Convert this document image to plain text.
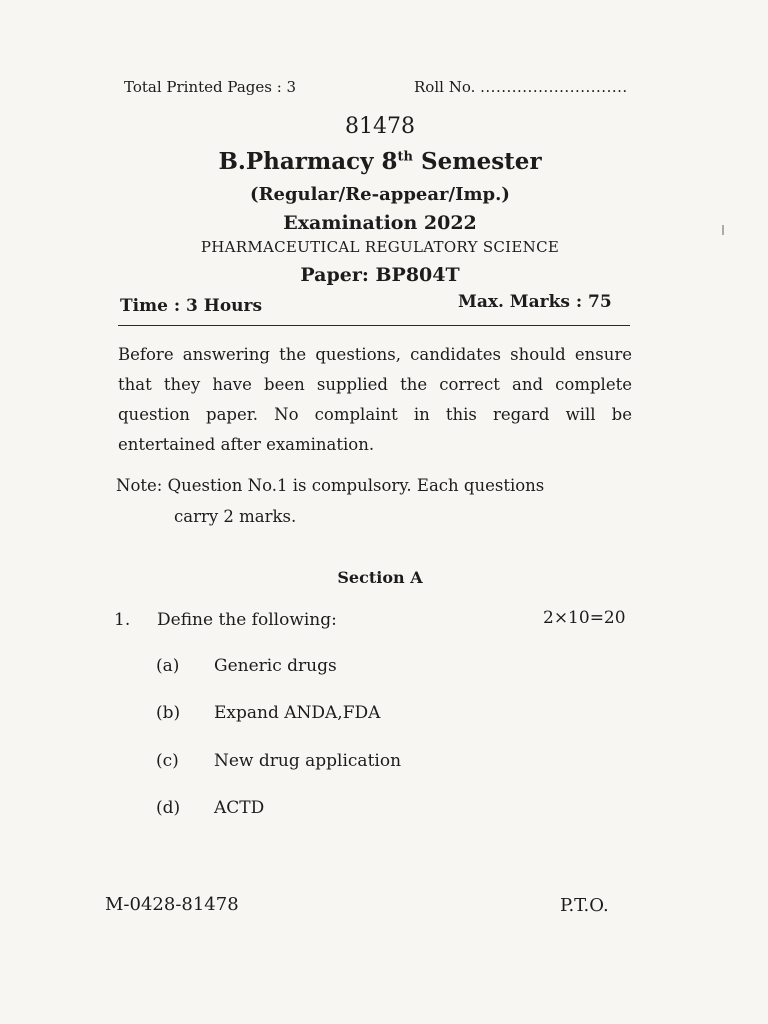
Total Printed Pages : 3	Roll No. ............................
81478
B.Pharmacy 8th Semester
(Regular/Re-appear/Imp.)
Examination 2022
PHARMACEUTICAL REGULATORY SCIENCE
Paper: BP804T
Time : 3 Hours	Max. Marks : 75
Before answering the questions, candidates should ensure that they have been supplied the correct and complete question paper. No complaint in this regard will be entertained after examination.
Note: Question No.1 is compulsory. Each questions
carry 2 marks.
Section A
1. Define the following:	2×10=20
(a) Generic drugs
(b) Expand ANDA,FDA
(c) New drug application
(d) ACTD
M-0428-81478	P.T.O.
